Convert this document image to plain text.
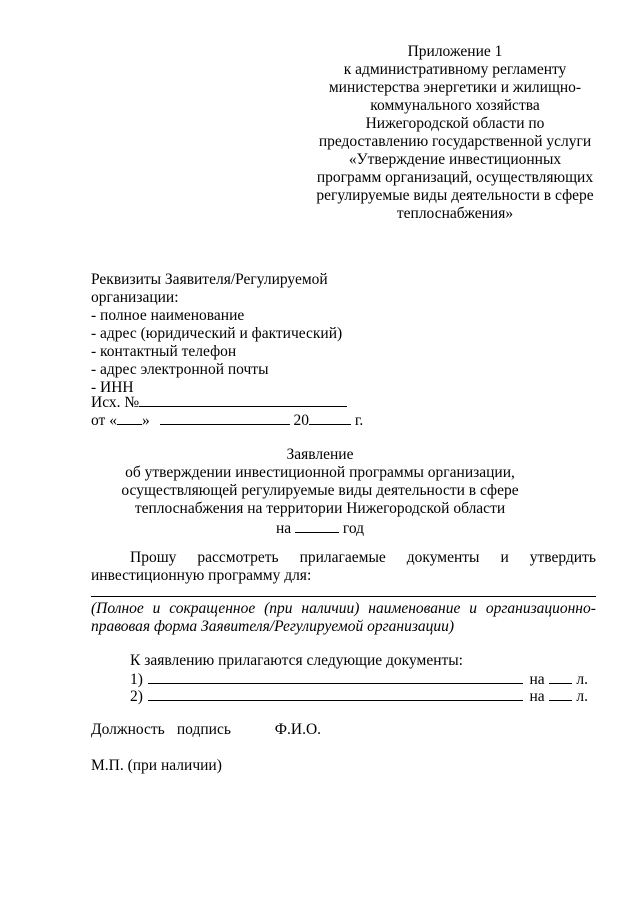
Приложение 1
к административному регламенту
министерства энергетики и жилищно-
коммунального хозяйства
Нижегородской области по
предоставлению государственной услуги
«Утверждение инвестиционных
программ организаций, осуществляющих
регулируемые виды деятельности в сфере
теплоснабжения»
Реквизиты Заявителя/Регулируемой
организации:
- полное наименование
- адрес (юридический и фактический)
- контактный телефон
- адрес электронной почты
- ИНН
Исх. №
от « »	20	г.
Заявление
об утверждении инвестиционной программы организации,
осуществляющей регулируемые виды деятельности в сфере
теплоснабжения на территории Нижегородской области
на	год
Прошу рассмотреть прилагаемые документы и утвердить
инвестиционную программу для:
(Полное и сокращенное (при наличии) наименование и организационно-
правовая форма Заявителя/Регулируемой организации)
К заявлению прилагаются следующие документы:
1)	на л.
2)	на л.
Должность подпись	Ф.И.О.
М.П. (при наличии)
